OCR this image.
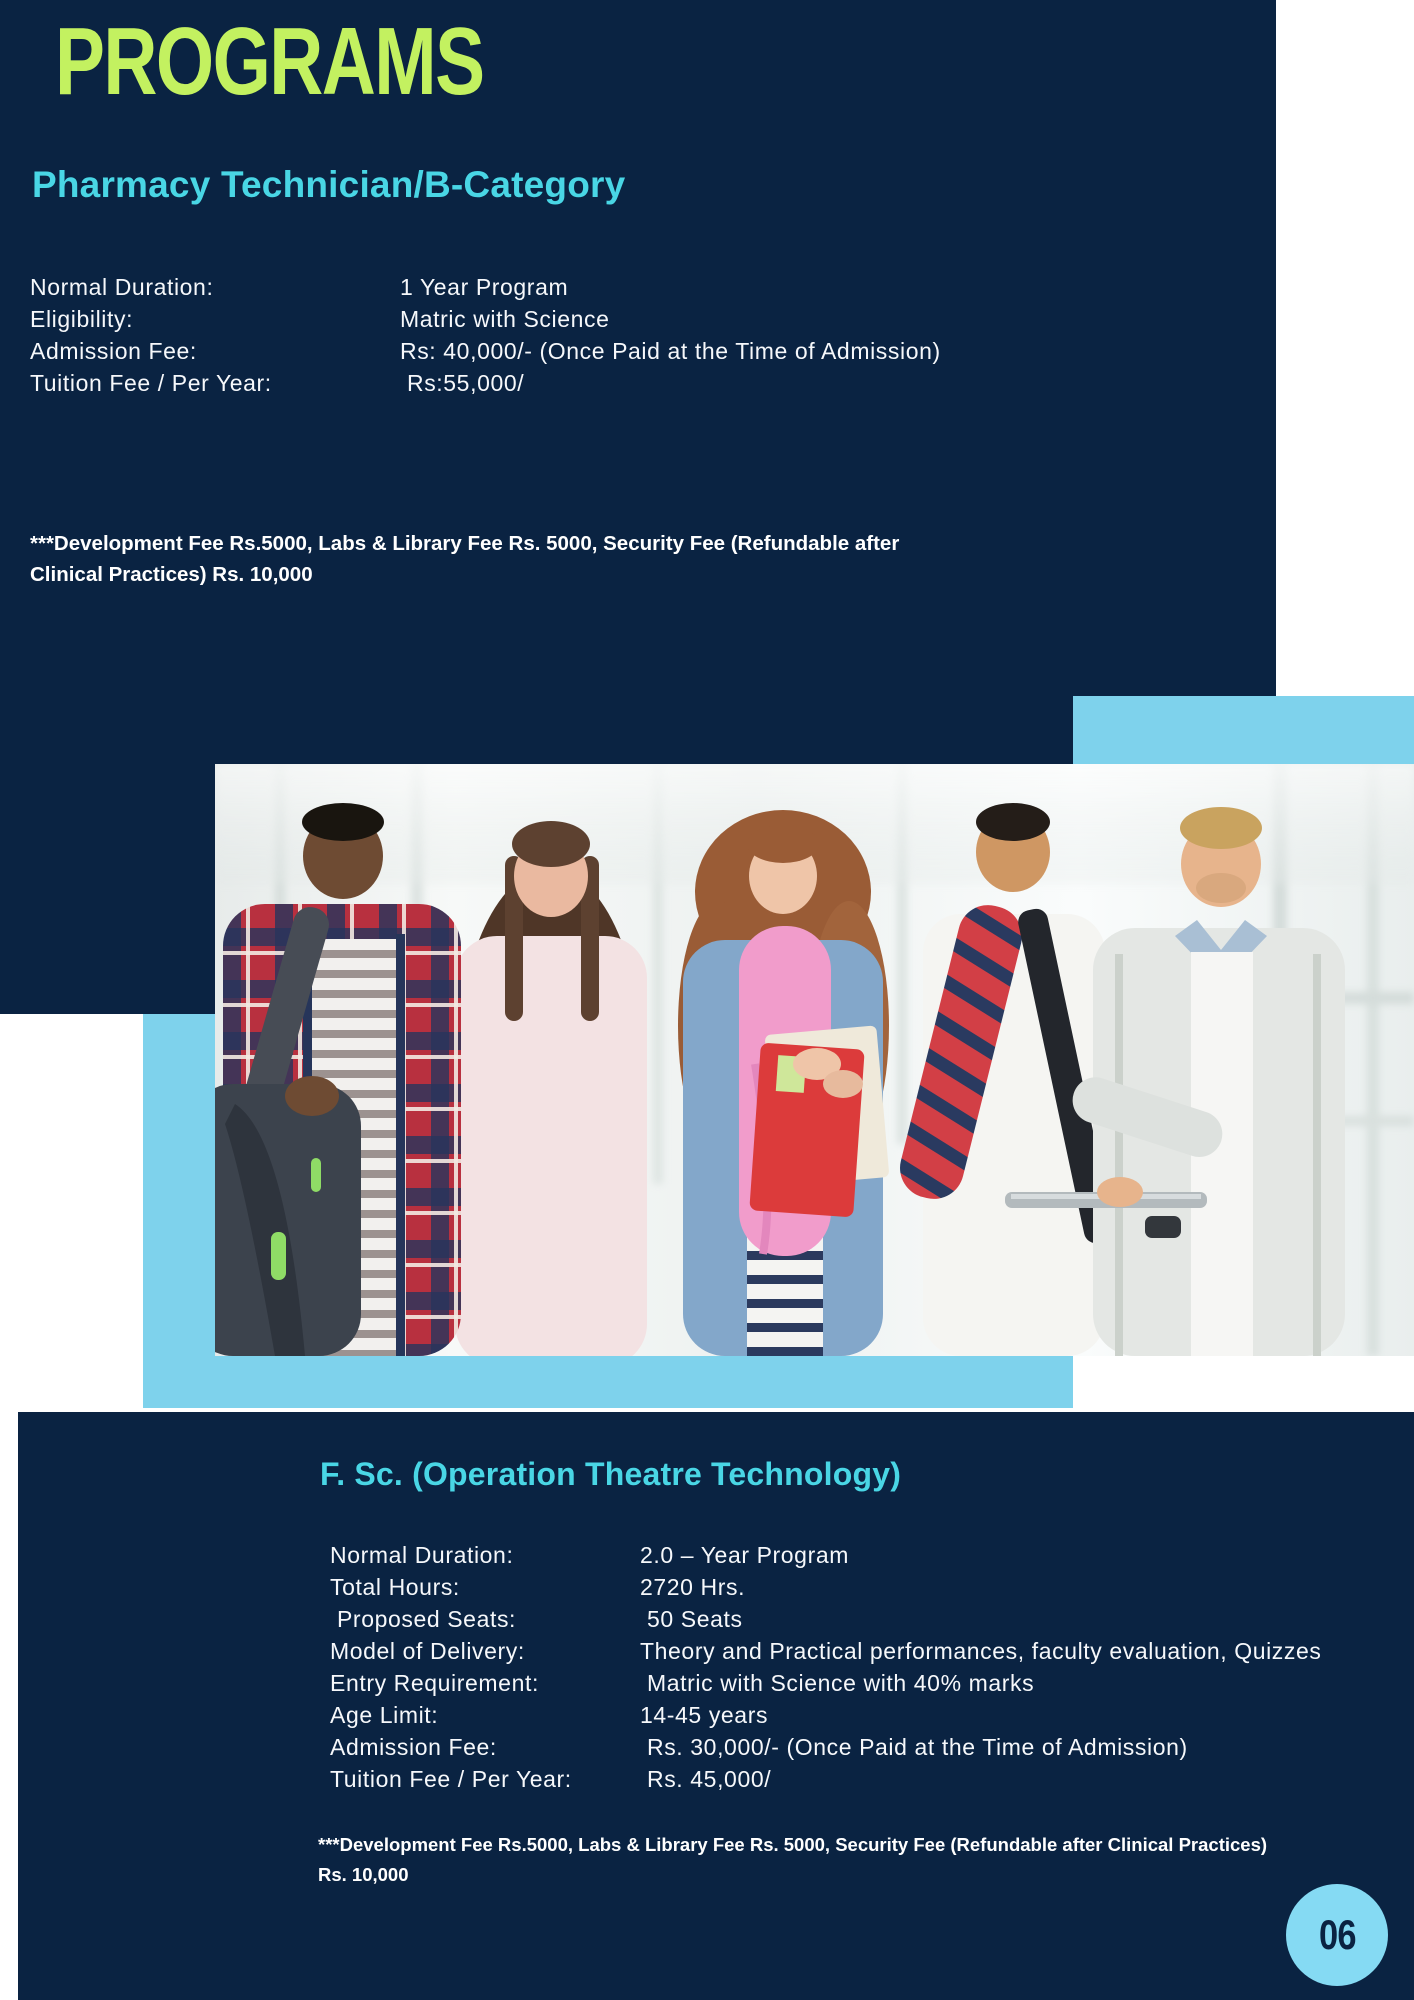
PROGRAMS
Pharmacy Technician/B-Category
Normal Duration:	1 Year Program
Eligibility:	Matric with Science
Admission Fee:	Rs: 40,000/- (Once Paid at the Time of Admission)
Tuition Fee / Per Year:	Rs:55,000/
***Development Fee Rs.5000, Labs & Library Fee Rs. 5000, Security Fee (Refundable after
Clinical Practices) Rs. 10,000
F. Sc. (Operation Theatre Technology)
Normal Duration:	2.0 – Year Program
Total Hours:	2720 Hrs.
Proposed Seats:	50 Seats
Model of Delivery:	Theory and Practical performances, faculty evaluation, Quizzes
Entry Requirement:	Matric with Science with 40% marks
Age Limit:	14-45 years
Admission Fee:	Rs. 30,000/- (Once Paid at the Time of Admission)
Tuition Fee / Per Year:	Rs. 45,000/
***Development Fee Rs.5000, Labs & Library Fee Rs. 5000, Security Fee (Refundable after Clinical Practices)
Rs. 10,000
06
